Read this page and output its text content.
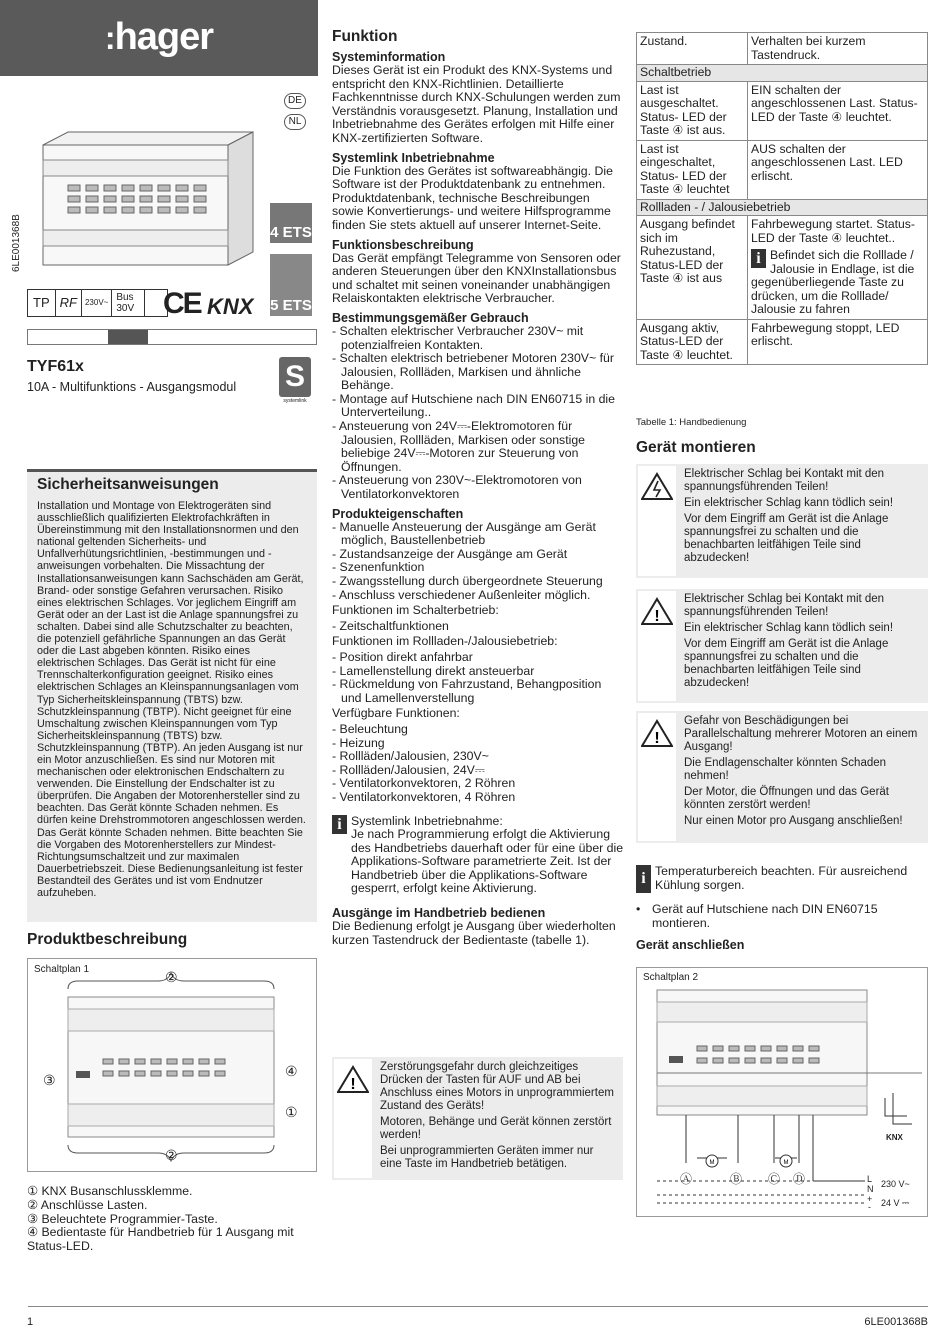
:hager
DE
NL
6LE001368B	4 ETS
5 ETS
TP RF	230V~ Bus 30V CE KNX
TYF61x
10A - Multifunktions - Ausgangsmodul S
systemlink
Sicherheitsanweisungen
Installation und Montage von Elektrogeräten sind ausschließlich qualifizierten Elektrofachkräften in Übereinstimmung mit den Installationsnormen und den national geltenden Sicherheits- und Unfallverhütungsrichtlinien, -bestimmungen und -anweisungen vorbehalten. Die Missachtung der Installationsanweisungen kann Sachschäden am Gerät, Brand- oder sonstige Gefahren verursachen. Risiko eines elektrischen Schlages. Vor jeglichem Eingriff am Gerät oder an der Last ist die Anlage spannungsfrei zu schalten. Dabei sind alle Schutzschalter zu beachten, die potenziell gefährliche Spannungen an das Gerät oder die Last abgeben könnten. Risiko eines elektrischen Schlages. Das Gerät ist nicht für eine Trennschalterkonfiguration geeignet. Risiko eines elektrischen Schlages an Kleinspannungsanlagen vom Typ Sicherheitskleinspannung (TBTS) bzw. Schutzkleinspannung (TBTP). Nicht geeignet für eine Umschaltung zwischen Kleinspannungen vom Typ Sicherheitskleinspannung (TBTS) bzw. Schutzkleinspannung (TBTP). An jeden Ausgang ist nur ein Motor anzuschließen. Es sind nur Motoren mit mechanischen oder elektronischen Endschaltern zu verwenden. Die Einstellung der Endschalter ist zu überprüfen. Die Angaben der Motorenhersteller sind zu beachten. Das Gerät könnte Schaden nehmen. Es dürfen keine Drehstrommotoren angeschlossen werden. Das Gerät könnte Schaden nehmen. Bitte beachten Sie die Vorgaben des Motorenherstellers zur Mindest-Richtungsumschaltzeit und zur maximalen Dauerbetriebszeit. Diese Bedienungsanleitung ist fester Bestandteil des Gerätes und ist vom Endnutzer aufzuheben.
Produktbeschreibung
Schaltplan 1	②
③
④
①
②
① KNX Busanschlussklemme.
② Anschlüsse Lasten.
③ Beleuchtete Programmier-Taste.
④ Bedientaste für Handbetrieb für 1 Ausgang mit Status-LED.
Funktion
Systeminformation
Dieses Gerät ist ein Produkt des KNX-Systems und entspricht den KNX-Richtlinien. Detaillierte Fachkenntnisse durch KNX-Schulungen werden zum Verständnis vorausgesetzt. Planung, Installation und Inbetriebnahme des Gerätes erfolgen mit Hilfe einer KNX-zertifizierten Software.
Systemlink Inbetriebnahme
Die Funktion des Gerätes ist softwareabhängig. Die Software ist der Produktdatenbank zu entnehmen. Produktdatenbank, technische Beschreibungen sowie Konvertierungs- und weitere Hilfsprogramme finden Sie stets aktuell auf unserer Internet-Seite.
Funktionsbeschreibung
Das Gerät empfängt Telegramme von Sensoren oder anderen Steuerungen über den KNXInstallationsbus und schaltet mit seinen voneinander unabhängigen Relaiskontakten elektrische Verbraucher.
Bestimmungsgemäßer Gebrauch
- Schalten elektrischer Verbraucher 230V~ mit potenzialfreien Kontakten.
- Schalten elektrisch betriebener Motoren 230V~ für Jalousien, Rollläden, Markisen und ähnliche Behänge.
- Montage auf Hutschiene nach DIN EN60715 in die Unterverteilung..
- Ansteuerung von 24V⎓-Elektromotoren für Jalousien, Rollläden, Markisen oder sonstige beliebige 24V⎓-Motoren zur Steuerung von Öffnungen.
- Ansteuerung von 230V~-Elektromotoren von Ventilatorkonvektoren
Produkteigenschaften
- Manuelle Ansteuerung der Ausgänge am Gerät möglich, Baustellenbetrieb
- Zustandsanzeige der Ausgänge am Gerät
- Szenenfunktion
- Zwangsstellung durch übergeordnete Steuerung
- Anschluss verschiedener Außenleiter möglich.
Funktionen im Schalterbetrieb:
- Zeitschaltfunktionen
Funktionen im Rollladen-/Jalousiebetrieb:
- Position direkt anfahrbar
- Lamellenstellung direkt ansteuerbar
- Rückmeldung von Fahrzustand, Behangposition und Lamellenverstellung
Verfügbare Funktionen:
- Beleuchtung
- Heizung
- Rollläden/Jalousien, 230V~
- Rollläden/Jalousien, 24V⎓
- Ventilatorkonvektoren, 2 Röhren
- Ventilatorkonvektoren, 4 Röhren
i Systemlink Inbetriebnahme:
Je nach Programmierung erfolgt die Aktivierung des Handbetriebs dauerhaft oder für eine über die Applikations-Software parametrierte Zeit. Ist der Handbetrieb über die Applikations-Software gesperrt, erfolgt keine Aktivierung.
Ausgänge im Handbetrieb bedienen
Die Bedienung erfolgt je Ausgang über wiederholten kurzen Tastendruck der Bedientaste (tabelle 1).
!

Zerstörungsgefahr durch gleichzeitiges Drücken der Tasten für AUF und AB bei Anschluss eines Motors in unprogrammiertem Zustand des Geräts!

Motoren, Behänge und Gerät können zerstört werden!

Bei unprogrammierten Geräten immer nur eine Taste im Handbetrieb betätigen.

Zustand.	Verhalten bei kurzem Tastendruck.
Schaltbetrieb	
Last ist ausgeschaltet. Status- LED der Taste ④ ist aus.	EIN schalten der angeschlossenen Last. Status- LED der Taste ④ leuchtet.
Last ist eingeschaltet, Status- LED der Taste ④ leuchtet	AUS schalten der angeschlossenen Last. LED erlischt.
Rollladen - / Jalousiebetrieb	
Ausgang befindet sich im Ruhezustand, Status-LED der Taste ④ ist aus	Fahrbewegung startet. Status-LED der Taste ④ leuchtet..
i Befindet sich die Rolllade / Jalousie in Endlage, ist die gegenüberliegende Taste zu drücken, um die Rolllade/ Jalousie zu fahren

Ausgang aktiv, Status-LED der Taste ④ leuchtet.	Fahrbewegung stoppt, LED erlischt.
Tabelle 1: Handbedienung
Gerät montieren

Elektrischer Schlag bei Kontakt mit den spannungsführenden Teilen!

Ein elektrischer Schlag kann tödlich sein!

Vor dem Eingriff am Gerät ist die Anlage spannungsfrei zu schalten und die benachbarten leitfähigen Teile sind abzudecken!

!

Elektrischer Schlag bei Kontakt mit den spannungsführenden Teilen!

Ein elektrischer Schlag kann tödlich sein!

Vor dem Eingriff am Gerät ist die Anlage spannungsfrei zu schalten und die benachbarten leitfähigen Teile sind abzudecken!

!

Gefahr von Beschädigungen bei Parallelschaltung mehrerer Motoren an einem Ausgang!

Die Endlagenschalter könnten Schaden nehmen!

Der Motor, die Öffnungen und das Gerät könnten zerstört werden!

Nur einen Motor pro Ausgang anschließen!

i Temperaturbereich beachten. Für ausreichend Kühlung sorgen.
• Gerät auf Hutschiene nach DIN EN60715 montieren.
Gerät anschließen
Schaltplan 2
M	M
Ⓐ	Ⓑ Ⓒ Ⓓ
KNX
L
N 230 V~
+
- 24 V ⎓
1	6LE001368B
